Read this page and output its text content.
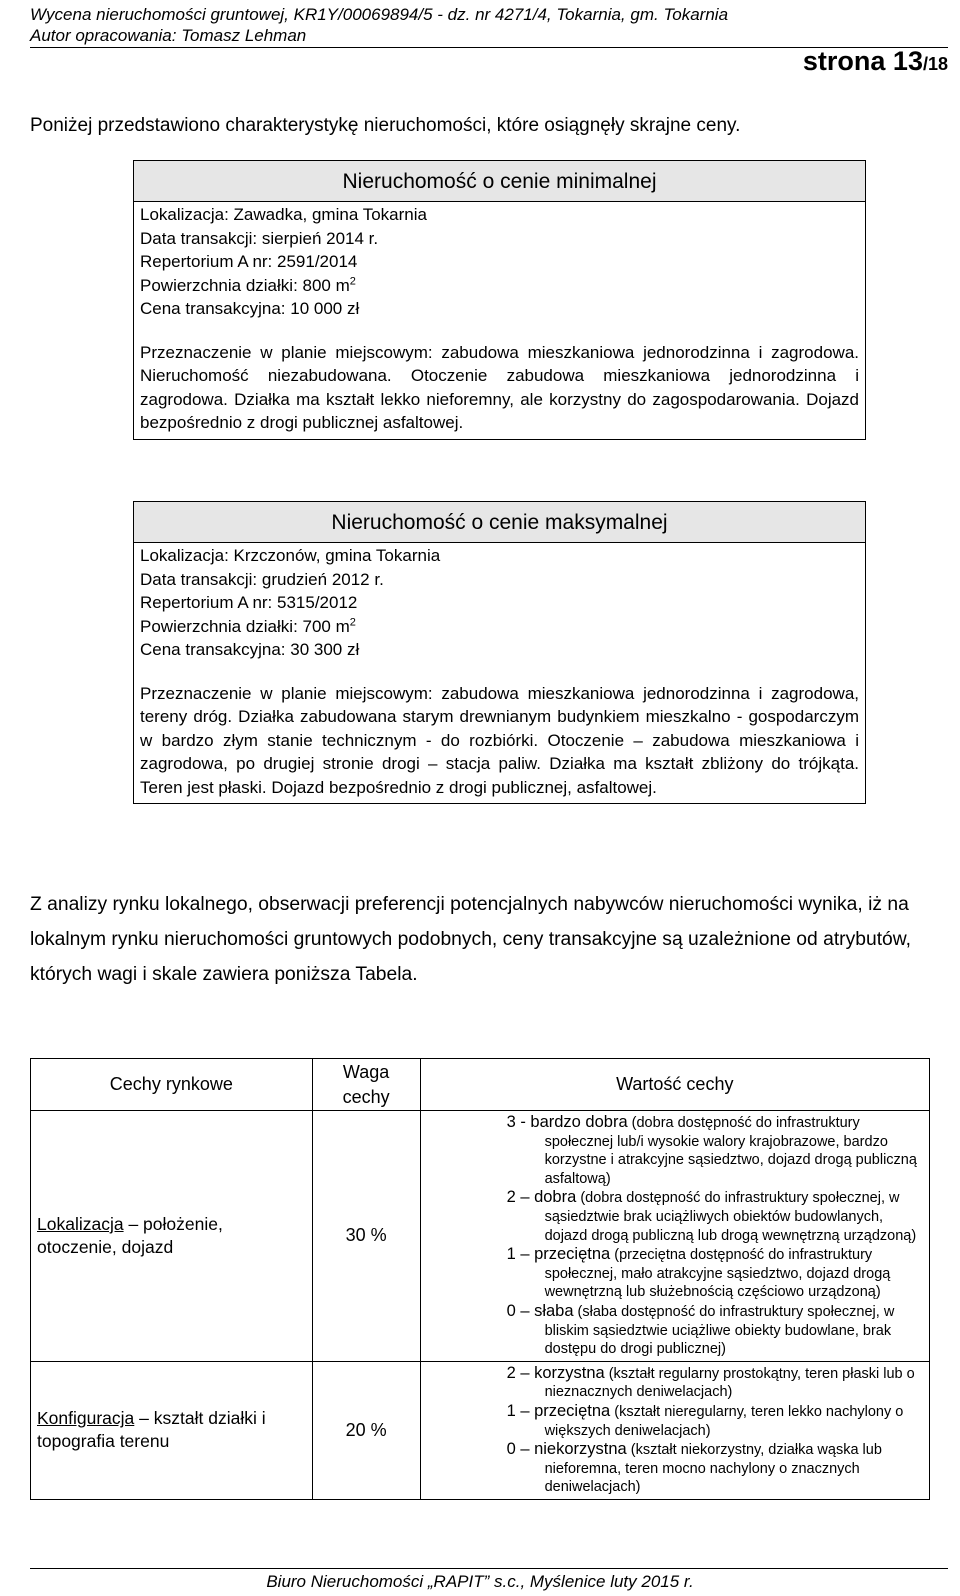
Wycena nieruchomości gruntowej, KR1Y/00069894/5 - dz. nr 4271/4, Tokarnia, gm. Tokarnia
Autor opracowania: Tomasz Lehman
strona 13/18
Poniżej przedstawiono charakterystykę nieruchomości, które osiągnęły skrajne ceny.
Nieruchomość o cenie minimalnej
Lokalizacja: Zawadka, gmina Tokarnia
Data transakcji: sierpień 2014 r.
Repertorium A nr: 2591/2014
Powierzchnia działki: 800 $m^2$
Cena transakcyjna: 10 000 zł
Przeznaczenie w planie miejscowym: zabudowa mieszkaniowa jednorodzinna i zagrodowa. Nieruchomość niezabudowana. Otoczenie zabudowa mieszkaniowa jednorodzinna i zagrodowa. Działka ma kształt lekko nieforemny, ale korzystny do zagospodarowania. Dojazd bezpośrednio z drogi publicznej asfaltowej.
Nieruchomość o cenie maksymalnej
Lokalizacja: Krzczonów, gmina Tokarnia
Data transakcji: grudzień 2012 r.
Repertorium A nr: 5315/2012
Powierzchnia działki: 700 $m^2$
Cena transakcyjna: 30 300 zł
Przeznaczenie w planie miejscowym: zabudowa mieszkaniowa jednorodzinna i zagrodowa, tereny dróg. Działka zabudowana starym drewnianym budynkiem mieszkalno - gospodarczym w bardzo złym stanie technicznym - do rozbiórki. Otoczenie – zabudowa mieszkaniowa i zagrodowa, po drugiej stronie drogi – stacja paliw. Działka ma kształt zbliżony do trójkąta. Teren jest płaski. Dojazd bezpośrednio z drogi publicznej, asfaltowej.
Z analizy rynku lokalnego, obserwacji preferencji potencjalnych nabywców nieruchomości wynika, iż na lokalnym rynku nieruchomości gruntowych podobnych, ceny transakcyjne są uzależnione od atrybutów, których wagi i skale zawiera poniższa Tabela.
Cechy rynkowe	Waga cechy	Wartość cechy
Lokalizacja – położenie, otoczenie, dojazd	30 %	3 - bardzo dobra (dobra dostępność do infrastruktury społecznej lub/i wysokie walory krajobrazowe, bardzo korzystne i atrakcyjne sąsiedztwo, dojazd drogą publiczną asfaltową)
2 – dobra (dobra dostępność do infrastruktury społecznej, w sąsiedztwie brak uciążliwych obiektów budowlanych, dojazd drogą publiczną lub drogą wewnętrzną urządzoną)
1 – przeciętna (przeciętna dostępność do infrastruktury społecznej, mało atrakcyjne sąsiedztwo, dojazd drogą wewnętrzną lub służebnością częściowo urządzoną)
0 – słaba (słaba dostępność do infrastruktury społecznej, w bliskim sąsiedztwie uciążliwe obiekty budowlane, brak dostępu do drogi publicznej)

Konfiguracja – kształt działki i topografia terenu	20 %	2 – korzystna (kształt regularny prostokątny, teren płaski lub o nieznacznych deniwelacjach)
1 – przeciętna (kształt nieregularny, teren lekko nachylony o większych deniwelacjach)
0 – niekorzystna (kształt niekorzystny, działka wąska lub nieforemna, teren mocno nachylony o znacznych deniwelacjach)
Biuro Nieruchomości „RAPIT” s.c., Myślenice luty 2015 r.
